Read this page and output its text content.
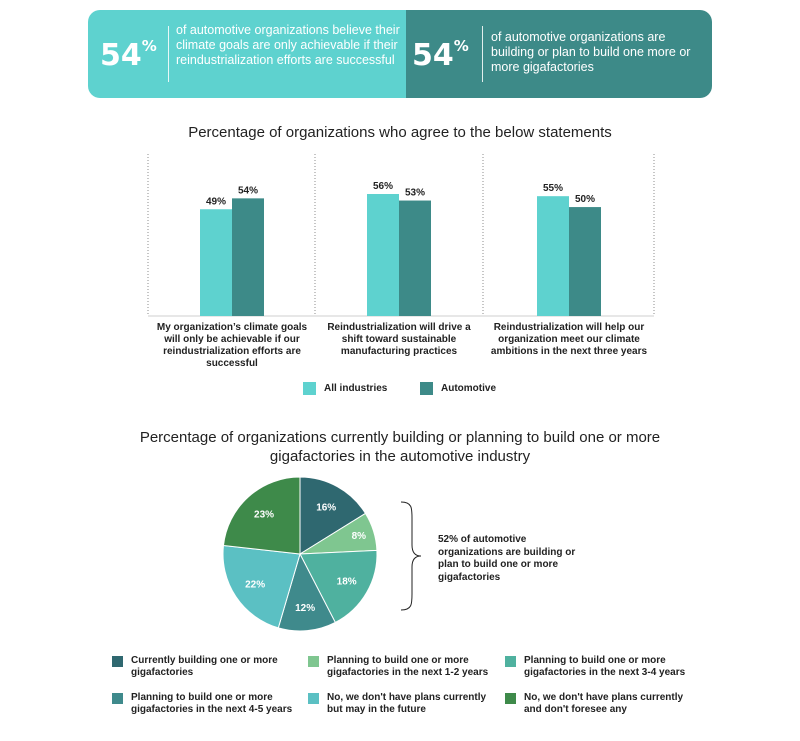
54%
of automotive organizations believe their climate goals are only achievable if their reindustrialization efforts are successful 54% of automotive organizations are building or plan to build one more or more gigafactories
Percentage of organizations who agree to the below statements
49%
54%	56%
53%	55%
50%
My organization’s climate goals will only be achievable if our reindustrialization efforts are successful
Reindustrialization will drive a shift toward sustainable manufacturing practices
Reindustrialization will help our organization meet our climate ambitions in the next three years
All industries	Automotive
Percentage of organizations currently building or planning to build one or more gigafactories in the automotive industry
16%
8%
18%
12%
22%
23%
52% of automotive organizations are building or plan to build one or more gigafactories
Currently building one or more gigafactories
Planning to build one or more gigafactories in the next 1-2 years
Planning to build one or more gigafactories in the next 3-4 years
Planning to build one or more gigafactories in the next 4-5 years
No, we don't have plans currently but may in the future
No, we don't have plans currently and don't foresee any
